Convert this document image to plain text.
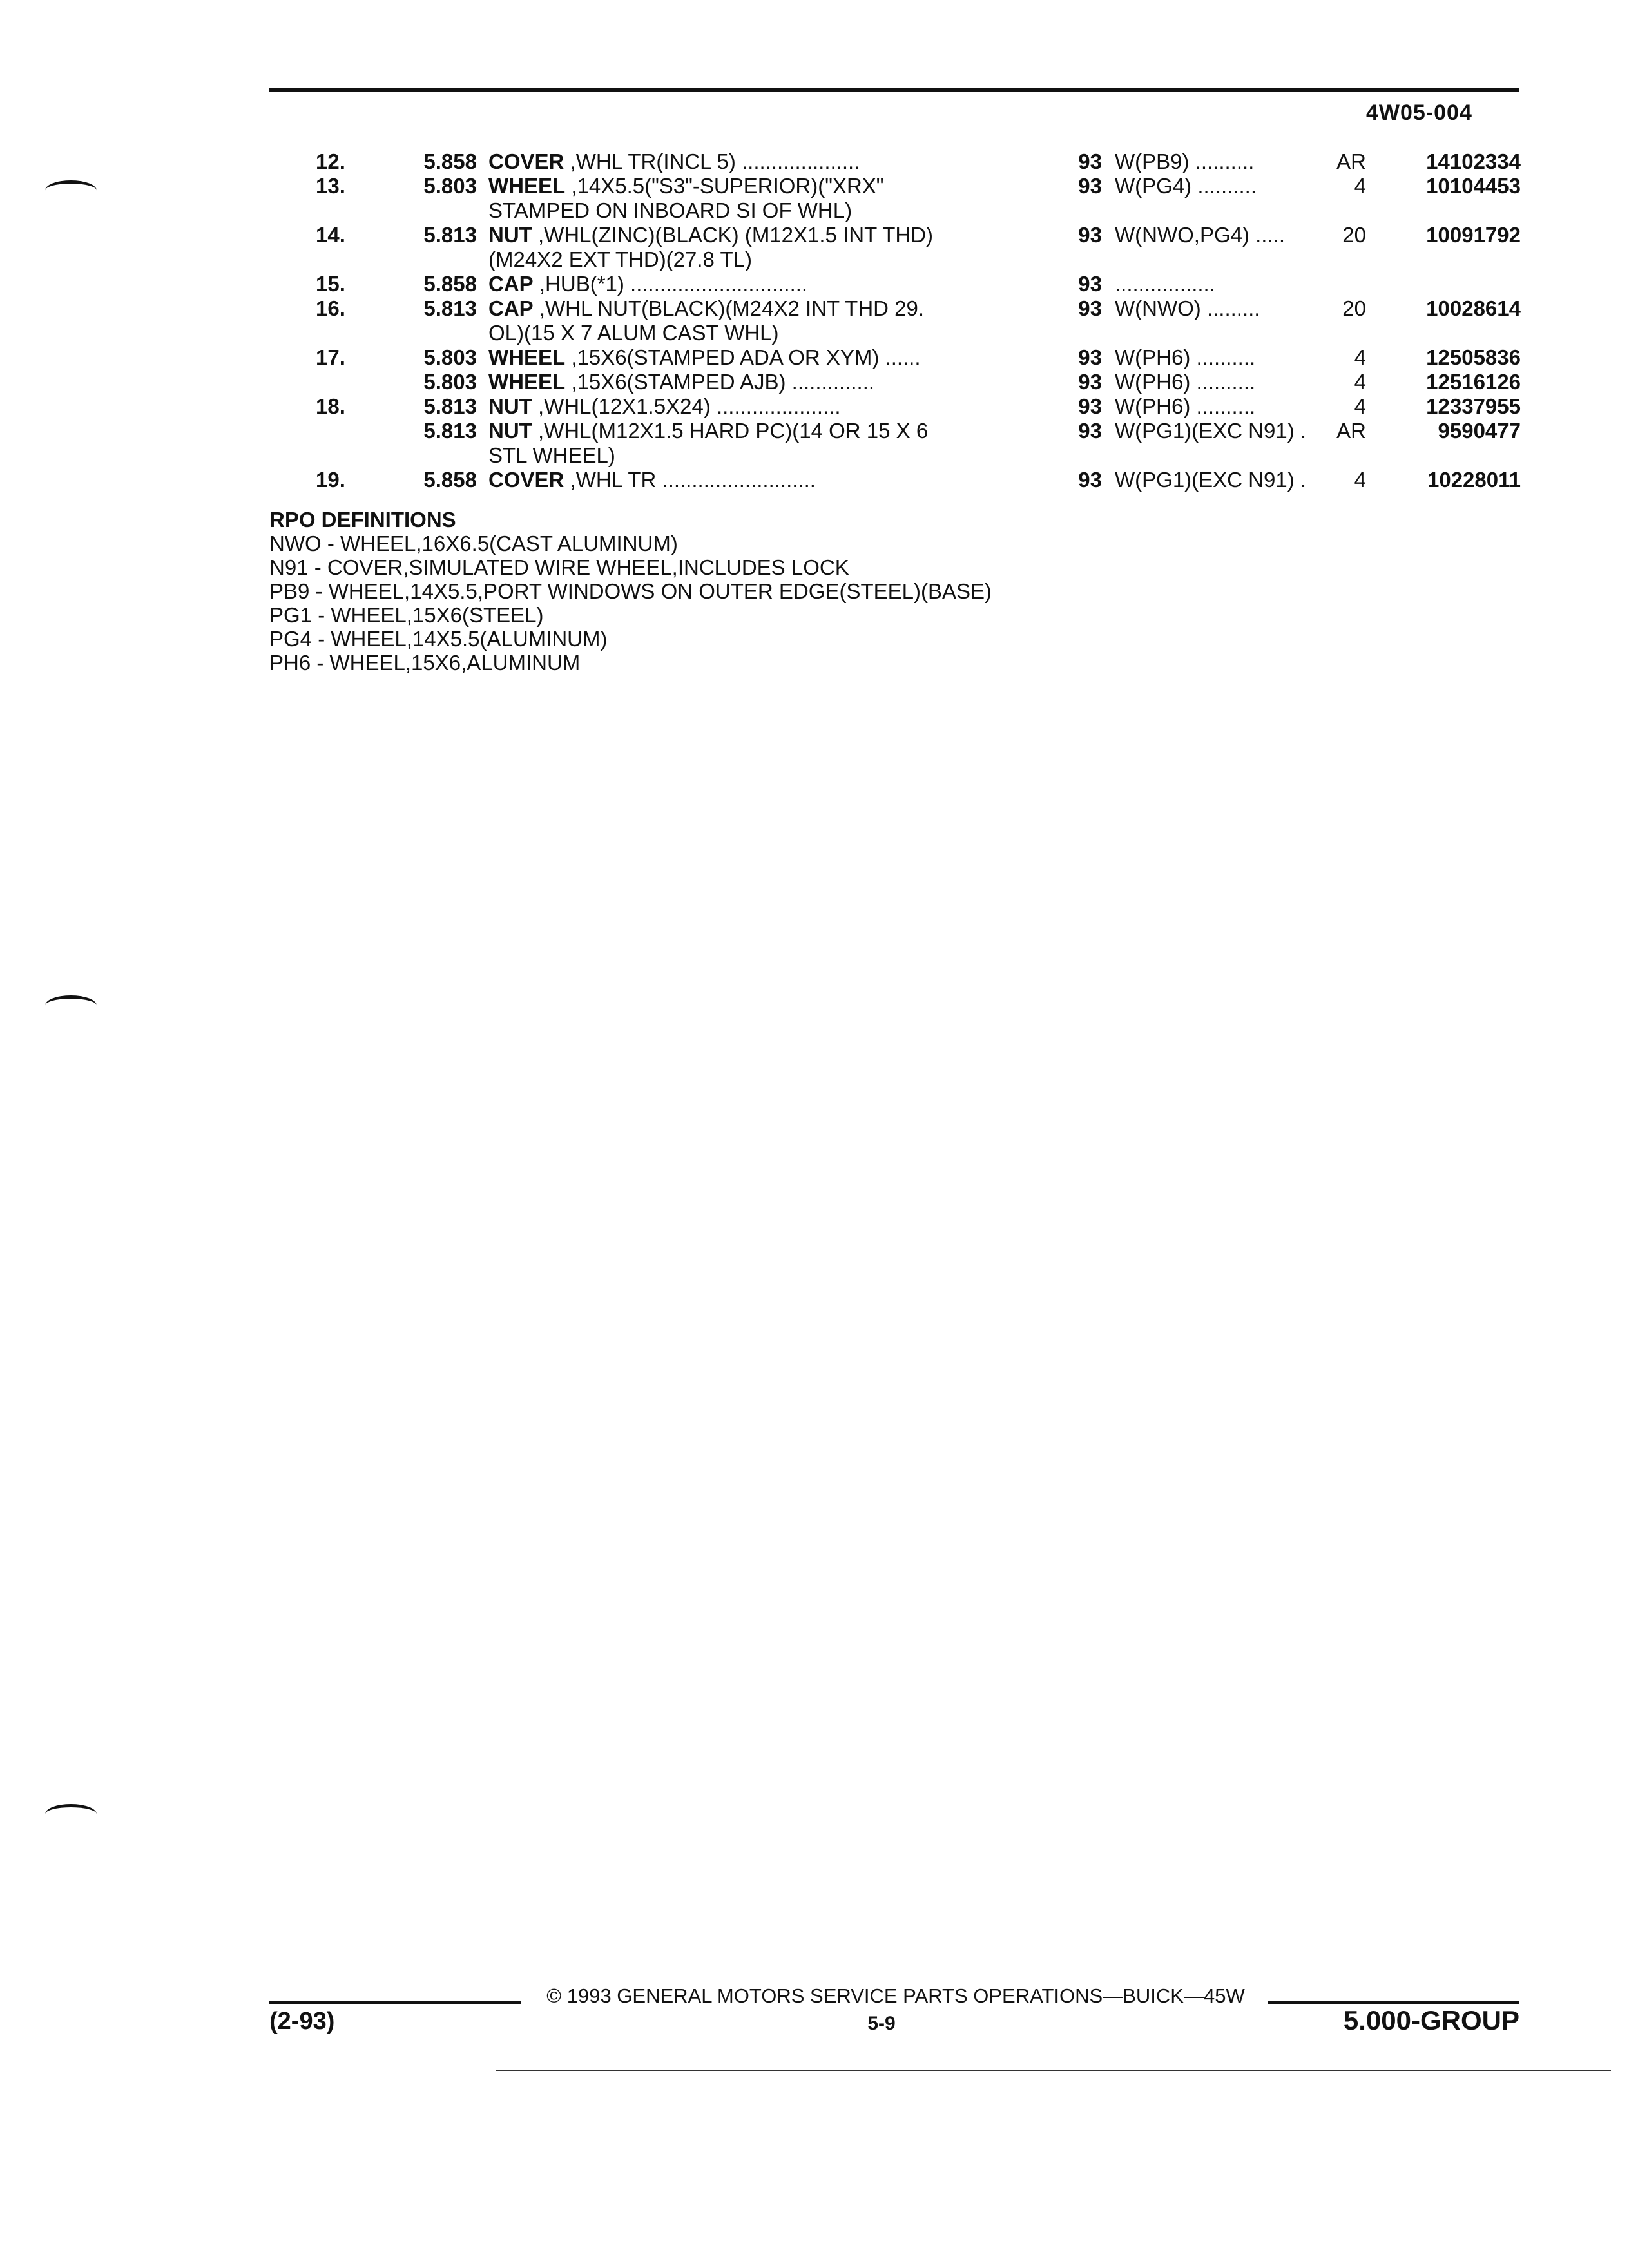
4W05-004
12.	5.858 COVER ,WHL TR(INCL 5) ....................	93 W(PB9) ..........	AR	14102334
13.	5.803 WHEEL ,14X5.5("S3"-SUPERIOR)("XRX"	93 W(PG4) ..........	4	10104453
STAMPED ON INBOARD SI OF WHL)
14.	5.813 NUT ,WHL(ZINC)(BLACK) (M12X1.5 INT THD)	93 W(NWO,PG4) .....	20	10091792
(M24X2 EXT THD)(27.8 TL)
15.	5.858 CAP ,HUB(*1) ..............................	93 .................
16.	5.813 CAP ,WHL NUT(BLACK)(M24X2 INT THD 29.	93 W(NWO) .........	20	10028614
OL)(15 X 7 ALUM CAST WHL)
17.	5.803 WHEEL ,15X6(STAMPED ADA OR XYM) ......	93 W(PH6) ..........	4	12505836
5.803 WHEEL ,15X6(STAMPED AJB) ..............	93 W(PH6) ..........	4	12516126
18.	5.813 NUT ,WHL(12X1.5X24) .....................	93 W(PH6) ..........	4	12337955
5.813 NUT ,WHL(M12X1.5 HARD PC)(14 OR 15 X 6	93 W(PG1)(EXC N91) .	AR	9590477
STL WHEEL)
19.	5.858 COVER ,WHL TR ..........................	93 W(PG1)(EXC N91) .	4	10228011
RPO DEFINITIONS
NWO - WHEEL,16X6.5(CAST ALUMINUM)
N91 - COVER,SIMULATED WIRE WHEEL,INCLUDES LOCK
PB9 - WHEEL,14X5.5,PORT WINDOWS ON OUTER EDGE(STEEL)(BASE)
PG1 - WHEEL,15X6(STEEL)
PG4 - WHEEL,14X5.5(ALUMINUM)
PH6 - WHEEL,15X6,ALUMINUM
© 1993 GENERAL MOTORS SERVICE PARTS OPERATIONS—BUICK—45W
(2-93)	5-9	5.000-GROUP
